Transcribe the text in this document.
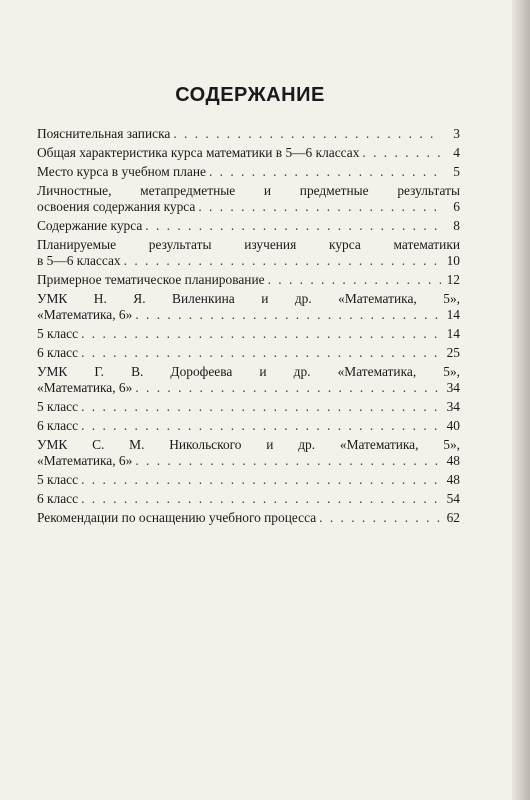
СОДЕРЖАНИЕ
Пояснительная записка . . .	3
Общая характеристика курса математики в 5—6 классах . . .	4
Место курса в учебном плане . . .	5
Личностные, метапредметные и предметные результаты
освоения содержания курса . . .	6
Содержание курса . . .	8
Планируемые результаты изучения курса математики
в 5—6 классах . . .	10
Примерное тематическое планирование . . .	12
УМК Н. Я. Виленкина и др. «Математика, 5»,
«Математика, 6» . . .	14
5 класс . . .	14
6 класс . . .	25
УМК Г. В. Дорофеева и др. «Математика, 5»,
«Математика, 6» . . .	34
5 класс . . .	34
6 класс . . .	40
УМК С. М. Никольского и др. «Математика, 5»,
«Математика, 6» . . .	48
5 класс . . .	48
6 класс . . .	54
Рекомендации по оснащению учебного процесса . . .	62
